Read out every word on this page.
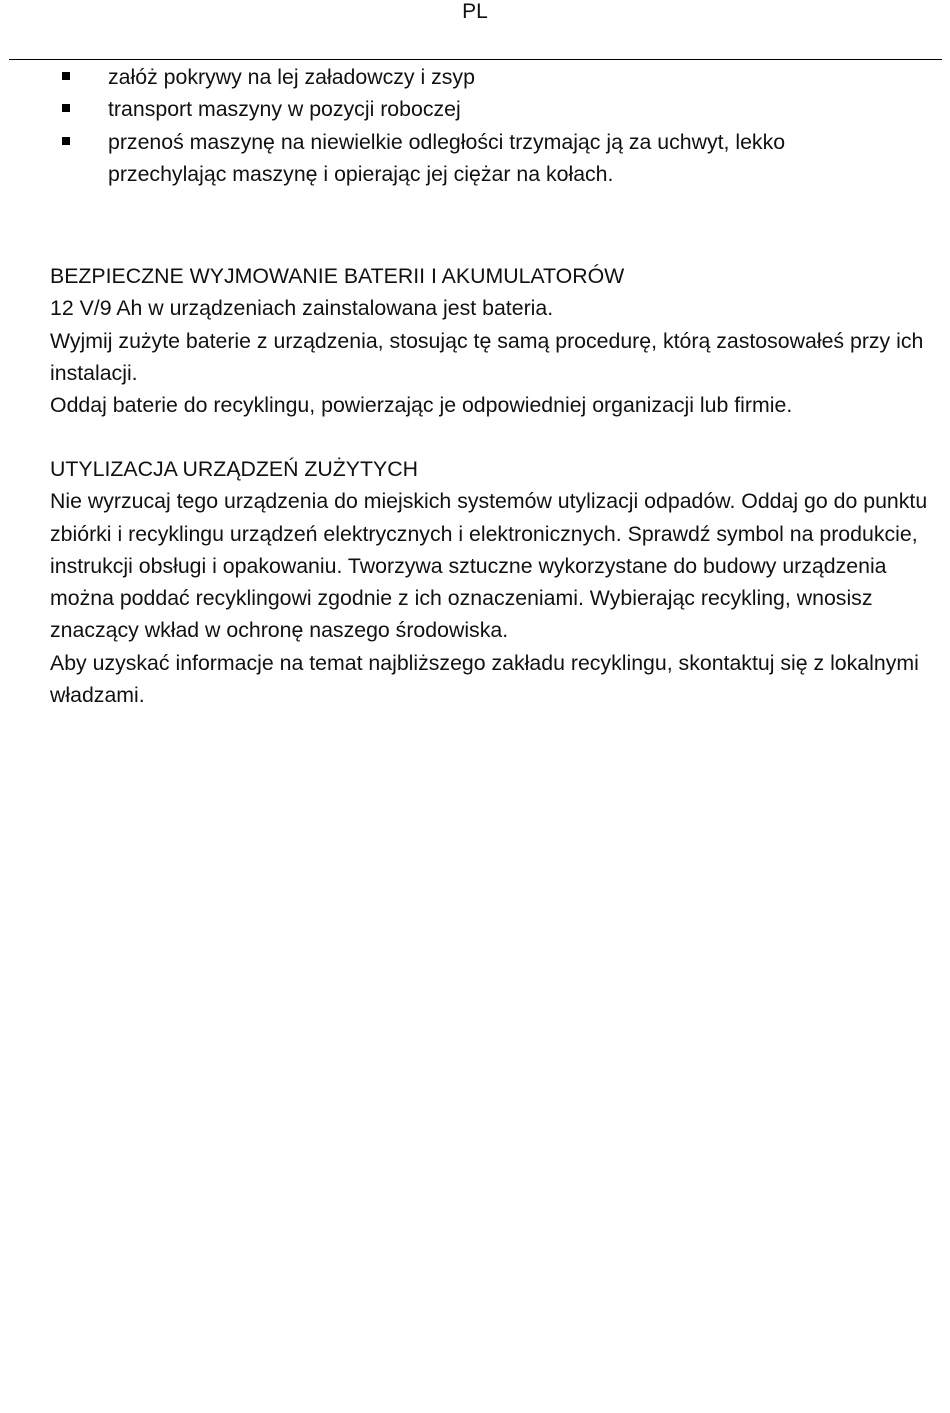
PL
załóż pokrywy na lej załadowczy i zsyp
transport maszyny w pozycji roboczej
przenoś maszynę na niewielkie odległości trzymając ją za uchwyt, lekko przechylając maszynę i opierając jej ciężar na kołach.

BEZPIECZNE WYJMOWANIE BATERII I AKUMULATORÓW

12 V/9 Ah w urządzeniach zainstalowana jest bateria.

Wyjmij zużyte baterie z urządzenia, stosując tę samą procedurę, którą zastosowałeś przy ich instalacji.

Oddaj baterie do recyklingu, powierzając je odpowiedniej organizacji lub firmie.

UTYLIZACJA URZĄDZEŃ ZUŻYTYCH

Nie wyrzucaj tego urządzenia do miejskich systemów utylizacji odpadów. Oddaj go do punktu zbiórki i recyklingu urządzeń elektrycznych i elektronicznych. Sprawdź symbol na produkcie, instrukcji obsługi i opakowaniu. Tworzywa sztuczne wykorzystane do budowy urządzenia można poddać recyklingowi zgodnie z ich oznaczeniami. Wybierając recykling, wnosisz znaczący wkład w ochronę naszego środowiska.

Aby uzyskać informacje na temat najbliższego zakładu recyklingu, skontaktuj się z lokalnymi władzami.
